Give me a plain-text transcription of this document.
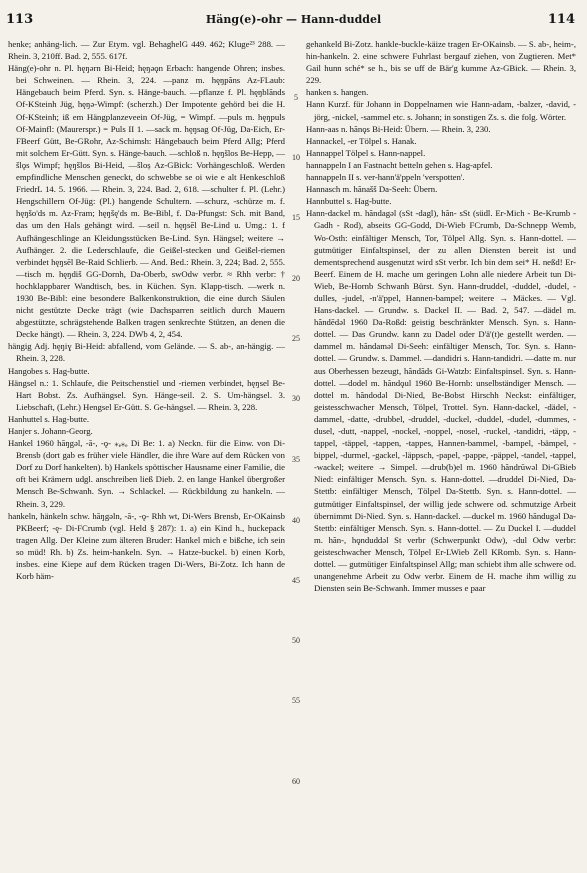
113	Häng(e)-ohr — Hann-duddel	114

henke; anhäng-lich. — Zur Etym. vgl. BehaghelG 449. 462; Kluge²³ 288. — Rhein. 3, 210ff. Bad. 2, 555. 617f.

Häng(e)-ohr n. Pl. hęŋərn Bi-Heid; hęŋəǫn Erbach: hangende Ohren; insbes. bei Schweinen. — Rhein. 3, 224. —panz m. hęŋpãns Az-FLaub: Hängebauch beim Pferd. Syn. s. Hänge-bauch. —pflanze f. Pl. hęŋblãnds Of-KSteinh Jüg, hęŋə-Wimpf: (scherzh.) Der Impotente gehörd bei die H. Of-KSteinh; iß em Hängplanzeveein Of-Jüg, = Wimpf. —puls m. hęŋpuls Of-Mainfl: (Maurerspr.) = Puls II 1. —sack m. hęŋsag Of-Jüg, Da-Eich, Er-FBeerf Gütt, Be-GRohr, Az-Schimsh: Hängebauch beim Pferd Allg; Pferd mit solchem Er-Gütt. Syn. s. Hänge-bauch. —schloß n. hęŋšlos Be-Hepp, —šlǫs Wimpf; hęŋšlos Bi-Heid, —šloș Az-GBick: Vorhängeschloß. Werden empfindliche Menschen geneckt, do schwebbe se oi wie e alt Henkeschloß FriedrL 14. 5. 1966. — Rhein. 3, 224. Bad. 2, 618. —schulter f. Pl. (Lehr.) Hengschillern Of-Jüg: (Pl.) hangende Schultern. —schurz, -schürze m. f. hęŋšo'ds m. Az-Fram; hęŋšę'ds m. Be-Bibl, f. Da-Pfungst: Sch. mit Band, das um den Hals gehängt wird. —seil n. hęŋsēl Be-Lind u. Umg.: 1. f Aufhängeschlinge an Kleidungsstücken Be-Lind. Syn. Hängsel; weitere → Aufhänger. 2. die Lederschlaufe, die Geißel-stecken und Geißel-riemen verbindet hęŋsēl Be-Raid Schlierb. — And. Bed.: Rhein. 3, 224; Bad. 2, 555. —tisch m. hęŋdiš GG-Dornh, Da-Oberb, swOdw verbr. ≈ Rhh verbr: † hochklappbarer Wandtisch, bes. in Küchen. Syn. Klapp-tisch. —werk n. 1930 Be-Bibl: eine besondere Balkenkonstruktion, die eine durch Säulen nicht gestützte Decke trägt (wie Dachsparren seitlich durch Mauern abgestützte, schrägstehende Balken tragen senkrechte Stützen, an denen die Decke hängt). — Rhein. 3, 224. DWb 4, 2, 454.

hängig Adj. hęŋiɣ Bi-Heid: abfallend, vom Gelände. — S. ab-, an-hängig. — Rhein. 3, 228.

Hangobes s. Hag-butte.

Hängsel n.: 1. Schlaufe, die Peitschenstiel und -riemen verbindet, hęŋsel Be-Hart Bobst. Zs. Aufhängsel. Syn. Hänge-seil. 2. S. Um-hängsel. 3. Liebschaft, (Lehr.) Hengsel Er-Gütt. S. Ge-hängsel. — Rhein. 3, 228.

Hanhuttel s. Hag-butte.

Hanjer s. Johann-Georg.

Hankel 1960 hāŋgəl, -ā-, -ǫ- ⁎ₑ⁎ₑ Di Be: 1. a) Neckn. für die Einw. von Di-Brensb (dort gab es früher viele Händler, die ihre Ware auf dem Rücken von Dorf zu Dorf hankelten). b) Hankels spöttischer Hausname einer Familie, die oft bei Krämern udgl. anschreiben ließ Dieb. 2. en lange Hankel übergroßer Mensch Be-Schwanh. Syn. → Schlackel. — Rückbildung zu hankeln. — Rhein. 3, 229.

hankeln, hänkeln schw. hāŋgəln, -ā-, -ǫ- Rhh wt, Di-Wers Brensb, Er-OKainsb PKBeerf; -ę- Di-FCrumb (vgl. Held § 287): 1. a) ein Kind h., huckepack tragen Allg. Der Kleine zum älteren Bruder: Hankel mich e bißche, ich sein so müd! Rh. b) Zs. heim-hankeln. Syn. → Hatze-buckel. b) einen Korb, insbes. eine Kiepe auf dem Rücken tragen Di-Wers, Bi-Zotz. Ich hann de Korb häm-

5
10
15
20
25
30
35
40
45
50
55
60

gehankeld Bi-Zotz. hankle-buckle-käize tragen Er-OKainsb. — S. ab-, heim-, hin-hankeln. 2. eine schwere Fuhrlast bergauf ziehen, von Zugtieren. Met* Gail hunn sché* se h., bis se uff de Bär'g kumme Az-GBick. — Rhein. 3, 229.

hanken s. hangen.

Hann Kurzf. für Johann in Doppelnamen wie Hann-adam, -balzer, -david, -jörg, -nickel, -sammel etc. s. Johann; in sonstigen Zs. s. die folg. Wörter.

Hann-aas n. hãnǫs Bi-Heid: Übern. — Rhein. 3, 230.

Hannackel, -er Tölpel s. Hanak.

Hannappel Tölpel s. Hann-nappel.

hannappeln I an Fastnacht betteln gehen s. Hag-apfel.

hannappeln II s. ver-hann'ä'ppeln 'verspotten'.

Hannasch m. hãnašš Da-Seeh: Übern.

Hannbuttel s. Hag-butte.

Hann-dackel m. hãndagǝl (sSt -dagl), hãn- sSt (südl. Er-Mich - Be-Krumb - Gadh - Rod), abseits GG-Godd, Di-Wieb FCrumb, Da-Schnepp Wemb, Wo-Osth: einfältiger Mensch, Tor, Tölpel Allg. Syn. s. Hann-dottel. — gutmütiger Einfaltspinsel, der zu allen Diensten bereit ist und dementsprechend ausgenutzt wird sSt verbr. Ich bin dem sei* H. neßd! Er-Beerf. Einem de H. mache um geringen Lohn alle niedere Arbeit tun Di-Wieb, Be-Hornb Schwanh Bürst. Syn. Hann-druddel, -duddel, -dudel, -dulles, -judel, -n'ä'ppel, Hannen-bampel; weitere → Mäckes. — Vgl. Hans-dackel. — Grundw. s. Dackel II. — Bad. 2, 547. —dädel m. hãndēdǝl 1960 Da-Roßd: geistig beschränkter Mensch. Syn. s. Hann-dottel. — Das Grundw. kann zu Dadel oder D'ä'(t)e gestellt werden. —dammel m. hãndamǝl Di-Seeh: einfältiger Mensch, Tor. Syn. s. Hann-dottel. — Grundw. s. Dammel. —dandidri s. Hann-tandidri. —datte m. nur aus Oberhessen bezeugt, hãndãds Gi-Watzb: Einfaltspinsel. Syn. s. Hann-dottel. —dodel m. hãndǫul 1960 Be-Hornb: unselbständiger Mensch. —dottel m. hãndodǝl Di-Nied, Be-Bobst Hirschh Neckst: einfältiger, geistesschwacher Mensch, Tölpel, Trottel. Syn. Hann-dackel, -dädel, -dammel, -datte, -drubbel, -druddel, -duckel, -duddel, -dudel, -dummes, -dusel, -dutt, -nappel, -nockel, -noppel, -nosel, -ruckel, -tandidri, -täpp, -tappel, -täppel, -tappen, -tappes, Hannen-bammel, -bampel, -bämpel, -bippel, -durmel, -gackel, -läppsch, -papel, -pappe, -päppel, -tandel, -tappel, -wackel; weitere → Simpel. —drub(b)el m. 1960 hãndrūwǝl Di-GBieb Nied: einfältiger Mensch. Syn. s. Hann-dottel. —druddel Di-Nied, Da-Stettb: einfältiger Mensch, Tölpel Da-Stettb. Syn. s. Hann-dottel. — gutmütiger Einfaltspinsel, der willig jede schwere od. schmutzige Arbeit übernimmt Di-Nied. Syn. s. Hann-dackel. —duckel m. 1960 hãndugǝl Da-Stettb: einfältiger Mensch. Syn. s. Hann-dottel. — Zu Duckel I. —duddel m. hãn-, hǫnduddǝl St verbr (Schwerpunkt Odw), -dul Odw verbr: geisteschwacher Mensch, Tölpel Er-LWieb Zell KRomb. Syn. s. Hann-dottel. — gutmütiger Einfaltspinsel Allg; man schiebt ihm alle schwere od. unangenehme Arbeit zu Odw verbr. Einem de H. mache ihm willig zu Diensten sein Be-Schwanh. Immer musses e paar
